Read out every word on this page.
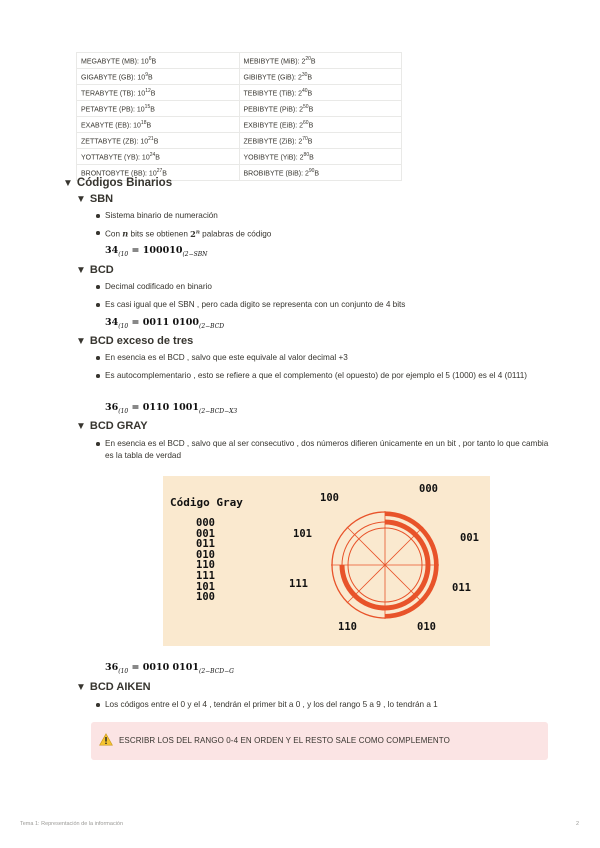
MEGABYTE (MB): $10^6B$	MEBIBYTE (MiB): $2^{20}B$
GIGABYTE (GB): $10^9B$	GIBIBYTE (GiB): $2^{30}B$
TERABYTE (TB): $10^{12}B$	TEBIBYTE (TiB): $2^{40}B$
PETABYTE (PB): $10^{15}B$	PEBIBYTE (PiB): $2^{50}B$
EXABYTE (EB): $10^{18}B$	EXBIBYTE (EiB): $2^{60}B$
ZETTABYTE (ZB): $10^{21}B$	ZEBIBYTE (ZiB): $2^{70}B$
YOTTABYTE (YB): $10^{24}B$	YOBIBYTE (YiB): $2^{80}B$
BRONTOBYTE (BB): $10^{27}B$	BROBIBYTE (BiB): $2^{90}B$
▼ Códigos Binarios
▼ SBN
Sistema binario de numeración
Con n bits se obtienen 2$^n$ palabras de código
$34_{(10} = 100010_{(2-SBN}$
▼ BCD
Decimal codificado en binario
Es casi igual que el SBN , pero cada digito se representa con un conjunto de 4 bits
$34_{(10} = 0011$ $0100_{(2-BCD}$
▼ BCD exceso de tres
En esencia es el BCD , salvo que este equivale al valor decimal +3
Es autocomplementario , esto se refiere a que el complemento (el opuesto) de por ejemplo el 5 (1000) es el 4 (0111)
$36_{(10} = 0110$ $1001_{(2-BCD-X3}$
▼ BCD GRAY
En esencia es el BCD , salvo que al ser consecutivo , dos números difieren únicamente en un bit , por tanto lo que cambia es la tabla de verdad
Código Gray
000
001
011
010
110
111
101
100
100
000
001
011
010
110
111
101
$36_{(10} = 0010$ $0101_{(2-BCD-G}$
▼ BCD AIKEN
Los códigos entre el 0 y el 4 , tendrán el primer bit a 0 , y los del rango 5 a 9 , lo tendrán a 1
ESCRIBR LOS DEL RANGO 0-4 EN ORDEN Y EL RESTO SALE COMO COMPLEMENTO
Tema 1: Representación de la información	2
